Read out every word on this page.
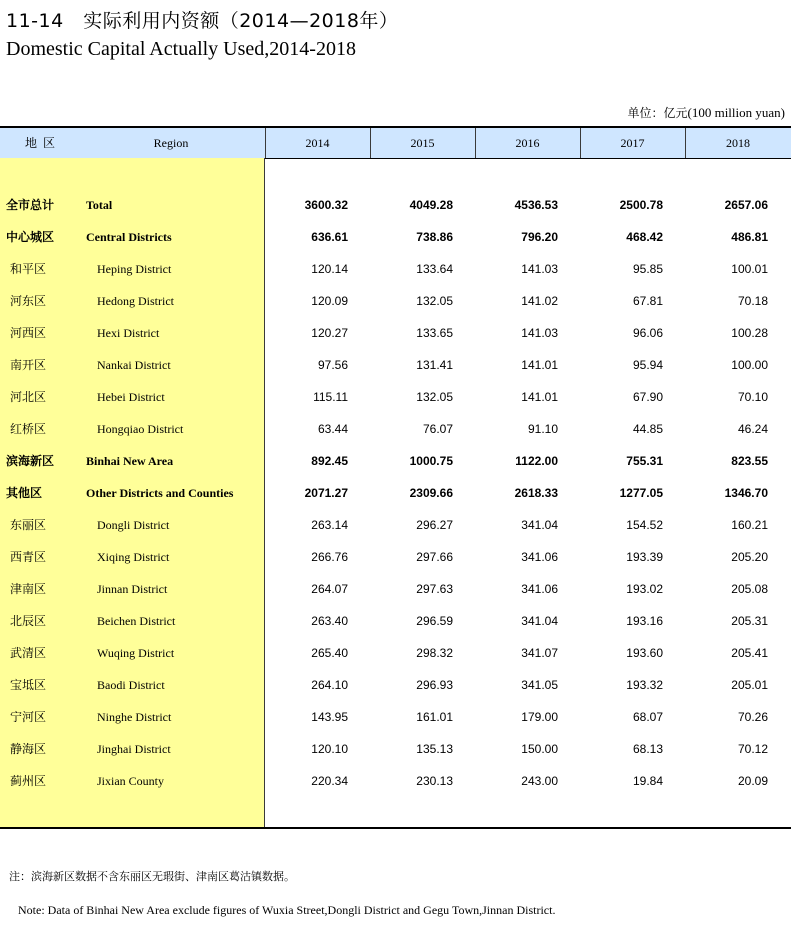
11-14　实际利用内资额（2014—2018年）
Domestic Capital Actually Used,2014-2018
单位：亿元(100 million yuan)
地区	Region	2014	2015	2016	2017	2018
全市总计	Total	3600.32	4049.28	4536.53	2500.78	2657.06
中心城区	Central Districts	636.61	738.86	796.20	468.42	486.81
和平区	Heping District	120.14	133.64	141.03	95.85	100.01
河东区	Hedong District	120.09	132.05	141.02	67.81	70.18
河西区	Hexi District	120.27	133.65	141.03	96.06	100.28
南开区	Nankai District	97.56	131.41	141.01	95.94	100.00
河北区	Hebei District	115.11	132.05	141.01	67.90	70.10
红桥区	Hongqiao District	63.44	76.07	91.10	44.85	46.24
滨海新区	Binhai New Area	892.45	1000.75	1122.00	755.31	823.55
其他区	Other Districts and Counties	2071.27	2309.66	2618.33	1277.05	1346.70
东丽区	Dongli District	263.14	296.27	341.04	154.52	160.21
西青区	Xiqing District	266.76	297.66	341.06	193.39	205.20
津南区	Jinnan District	264.07	297.63	341.06	193.02	205.08
北辰区	Beichen District	263.40	296.59	341.04	193.16	205.31
武清区	Wuqing District	265.40	298.32	341.07	193.60	205.41
宝坻区	Baodi District	264.10	296.93	341.05	193.32	205.01
宁河区	Ninghe District	143.95	161.01	179.00	68.07	70.26
静海区	Jinghai District	120.10	135.13	150.00	68.13	70.12
蓟州区	Jixian County	220.34	230.13	243.00	19.84	20.09
注：滨海新区数据不含东丽区无瑕街、津南区葛沽镇数据。
Note: Data of Binhai New Area exclude figures of Wuxia Street,Dongli District and Gegu Town,Jinnan District.
